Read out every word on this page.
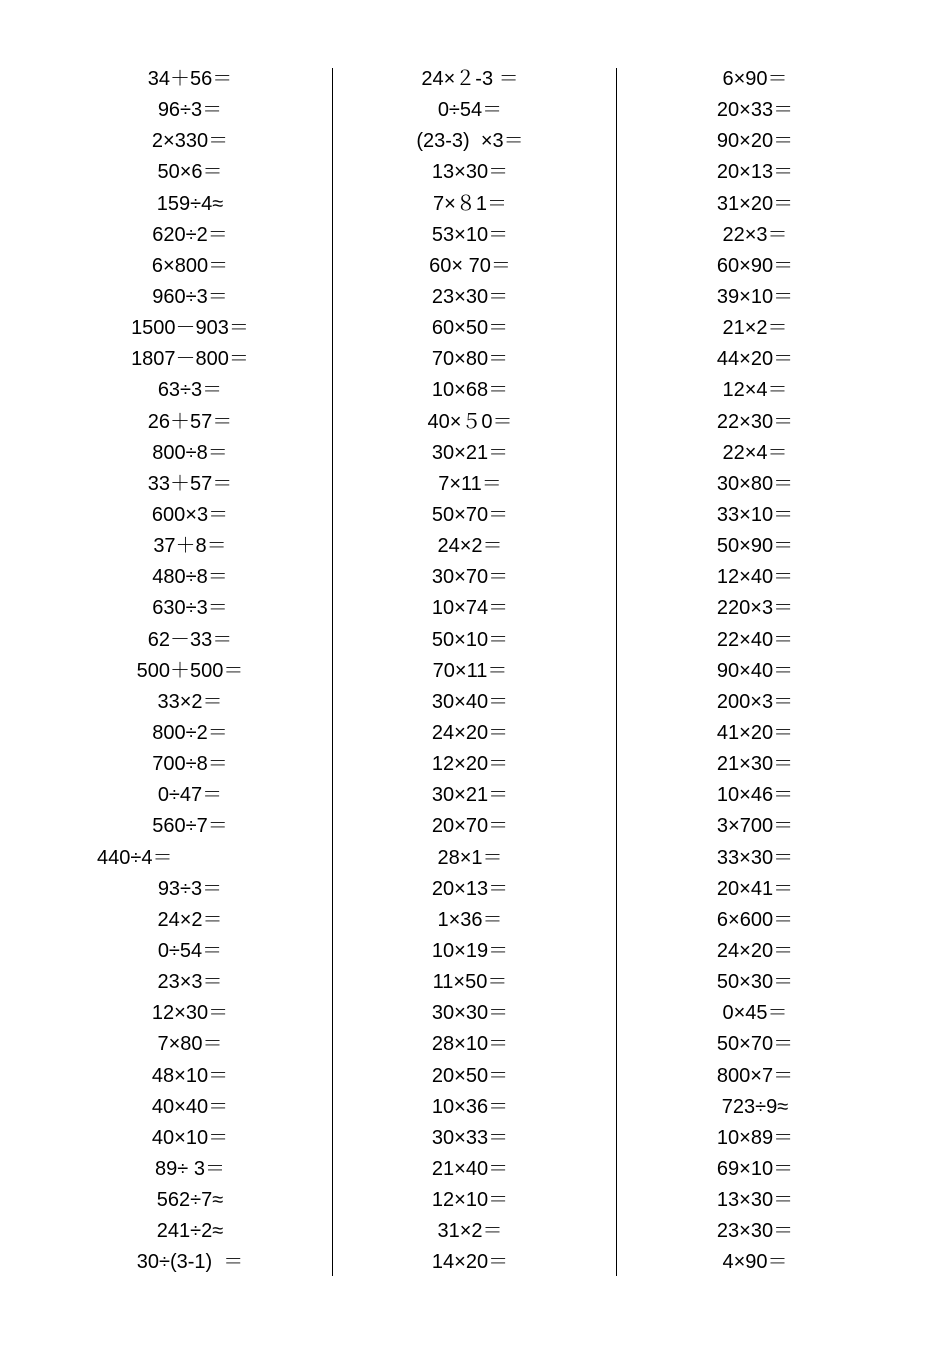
34＋56＝
96÷3＝
2×330＝
50×6＝
159÷4≈
620÷2＝
6×800＝
960÷3＝
1500－903＝
1807－800＝
63÷3＝
26＋57＝
800÷8＝
33＋57＝
600×3＝
37＋8＝
480÷8＝
630÷3＝
62－33＝
500＋500＝
33×2＝
800÷2＝
700÷8＝
0÷47＝
560÷7＝
440÷4＝
93÷3＝
24×2＝
0÷54＝
23×3＝
12×30＝
7×80＝
48×10＝
40×40＝
40×10＝
89÷ 3＝
562÷7≈
241÷2≈
30÷(3-1)  ＝
24×２-3 ＝
0÷54＝
(23-3)  ×3＝
13×30＝
7×８1＝
53×10＝
60× 70＝
23×30＝
60×50＝
70×80＝
10×68＝
40×５0＝
30×21＝
7×11＝
50×70＝
24×2＝
30×70＝
10×74＝
50×10＝
70×11＝
30×40＝
24×20＝
12×20＝
30×21＝
20×70＝
28×1＝
20×13＝
1×36＝
10×19＝
11×50＝
30×30＝
28×10＝
20×50＝
10×36＝
30×33＝
21×40＝
12×10＝
31×2＝
14×20＝
6×90＝
20×33＝
90×20＝
20×13＝
31×20＝
22×3＝
60×90＝
39×10＝
21×2＝
44×20＝
12×4＝
22×30＝
22×4＝
30×80＝
33×10＝
50×90＝
12×40＝
220×3＝
22×40＝
90×40＝
200×3＝
41×20＝
21×30＝
10×46＝
3×700＝
33×30＝
20×41＝
6×600＝
24×20＝
50×30＝
0×45＝
50×70＝
800×7＝
723÷9≈
10×89＝
69×10＝
13×30＝
23×30＝
4×90＝
